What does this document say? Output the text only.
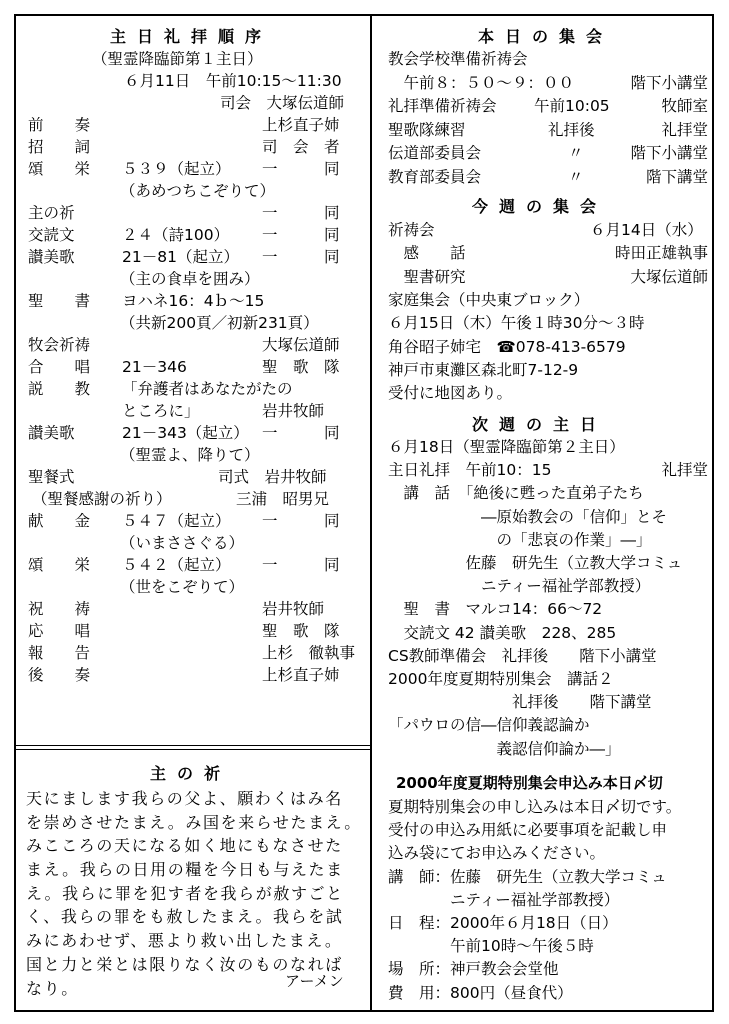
主日礼拝順序
（聖霊降臨節第１主日）
６月11日　午前10:15～11:30
司会　大塚伝道師
前　　奏	上杉直子姉
招　　詞	司　会　者
頌　　栄 ５３９（起立） 一　　　同
（あめつちこぞりて）
主の祈	一　　　同
交読文	２４（詩100） 一　　　同
讃美歌	21－81（起立） 一　　　同
（主の食卓を囲み）
聖　　書 ヨハネ16：4ｂ～15
（共新200頁／初新231頁）
牧会祈祷	大塚伝道師
合　　唱 21－346	聖　歌　隊
説　　教 「弁護者はあなたがたの
ところに」	岩井牧師
讃美歌	21－343（起立） 一　　　同
（聖霊よ、降りて）
聖餐式	司式　岩井牧師
（聖餐感謝の祈り）	三浦　昭男兄
献　　金 ５４７（起立） 一　　　同
（いまささぐる）
頌　　栄 ５４２（起立） 一　　　同
（世をこぞりて）
祝　　祷	岩井牧師
応　　唱	聖　歌　隊
報　　告	上杉　徹執事
後　　奏	上杉直子姉
主の祈
天にまします我らの父よ、願わくはみ名
を崇めさせたまえ。み国を来らせたまえ。
みこころの天になる如く地にもなさせた
まえ。我らの日用の糧を今日も与えたま
え。我らに罪を犯す者を我らが赦すごと
く、我らの罪をも赦したまえ。我らを試
みにあわせず、悪より救い出したまえ。
国と力と栄とは限りなく汝のものなれば
なり。	アーメン
本日の集会
教会学校準備祈祷会
　午前８：５０～９：００	階下小講堂
礼拝準備祈祷会 午前10:05	牧師室
聖歌隊練習	礼拝後	礼拝堂
伝道部委員会	〃	階下小講堂
教育部委員会	〃	階下講堂
今週の集会
祈祷会	６月14日（水）
　感　　話	時田正雄執事
　聖書研究	大塚伝道師
家庭集会（中央東ブロック）
６月15日（木）午後１時30分～３時
角谷昭子姉宅　☎078-413-6579
神戸市東灘区森北町7-12-9
受付に地図あり。
次週の主日
６月18日（聖霊降臨節第２主日）
主日礼拝　午前10：15	礼拝堂
　講　話　「絶後に甦った直弟子たち
　　　　　　―原始教会の「信仰」とそ
　　　　　　　の「悲哀の作業」―」
　　　　　佐藤　研先生（立教大学コミュ
　　　　　　ニティー福祉学部教授）
　聖　書　マルコ14：66～72
　交読文 42 讃美歌　228、285
CS教師準備会　礼拝後　　階下小講堂
2000年度夏期特別集会　講話２
　　　　　　　　礼拝後　　階下講堂
「パウロの信―信仰義認論か
　　　　　　　義認信仰論か―」
2000年度夏期特別集会申込み本日〆切
夏期特別集会の申し込みは本日〆切です。
受付の申込み用紙に必要事項を記載し申
込み袋にてお申込みください。
講　師：佐藤　研先生（立教大学コミュ
　　　　ニティー福祉学部教授）
日　程：2000年６月18日（日）
　　　　午前10時～午後５時
場　所：神戸教会会堂他
費　用：800円（昼食代）
